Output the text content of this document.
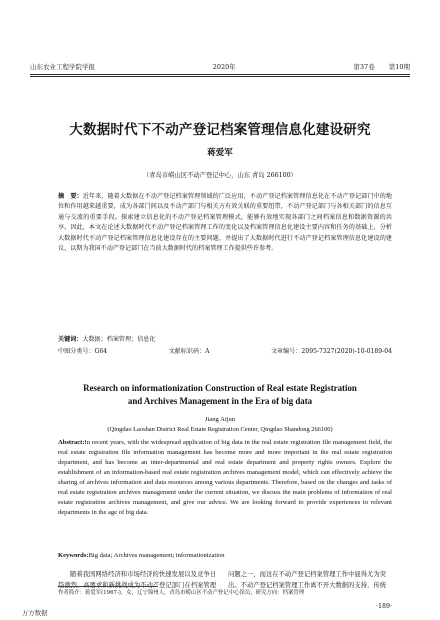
山东农业工程学院学报	2020年	第37卷 第10期
大数据时代下不动产登记档案管理信息化建设研究
蒋爱军
（青岛市崂山区不动产登记中心，山东 青岛 266100）
摘　要：近年来，随着大数据在不动产登记档案管理领域的广泛应用，不动产登记档案管理信息化在不动产登记部门中的地位和作用越来越重要，成为各部门间以及不动产部门与相关方有效关联的重要纽带，不动产登记部门与各相关部门的信息互通与交流的重要手段。探索建立信息化的不动产登记档案管理模式，能够有效地实现各部门之间档案信息和数据资源的共享。因此，本文在论述大数据时代不动产登记档案管理工作的变化以及档案管理信息化建设主要内容和任务的基础上，分析大数据时代不动产登记档案管理信息化建设存在的主要问题，并提出了大数据时代进行不动产登记档案管理信息化建设的建议，以期为我国不动产登记部门在当前大数据时代的档案管理工作提供些许参考。
关键词：大数据；档案管理；信息化
中图分类号：G64	文献标识码：A	文章编号：2095-7327(2020)-10-0189-04
Research on informationization Construction of Real estate Registration
and Archives Management in the Era of big data
Jiang Aijun
(Qingdao Laoshan District Real Estate Registration Center, Qingdao Shandong 266100)
Abstract:In recent years, with the widespread application of big data in the real estate registration file management field, the real estate registration file information management has become more and more important in the real estate registration department, and has become an inter-departmental and real estate department and property rights owners. Explore the establishment of an information-based real estate registration archives management model, which can effectively achieve the sharing of archives information and data resources among various departments. Therefore, based on the changes and tasks of real estate registration archives management under the current situation, we discuss the main problems of information of real estate registration archives management, and give our advice. We are looking forward to provide experiences to relevant departments in the age of big data.
Keywords:Big data; Archives management; informationization
随着我国网络经济和市场经济的快速发展以及竞争日趋激烈，高要求和新挑战成为不动产登记部门在档案管理
问题之一，而这在不动产登记档案管理工作中显得尤为突出。不动产登记档案管理工作离不开大数据的支持，传统
作者简介：蒋爱军(1967-)，女，辽宁锦州人，青岛市崂山区不动产登记中心馆员，研究方向：档案管理
·189·
万方数据
